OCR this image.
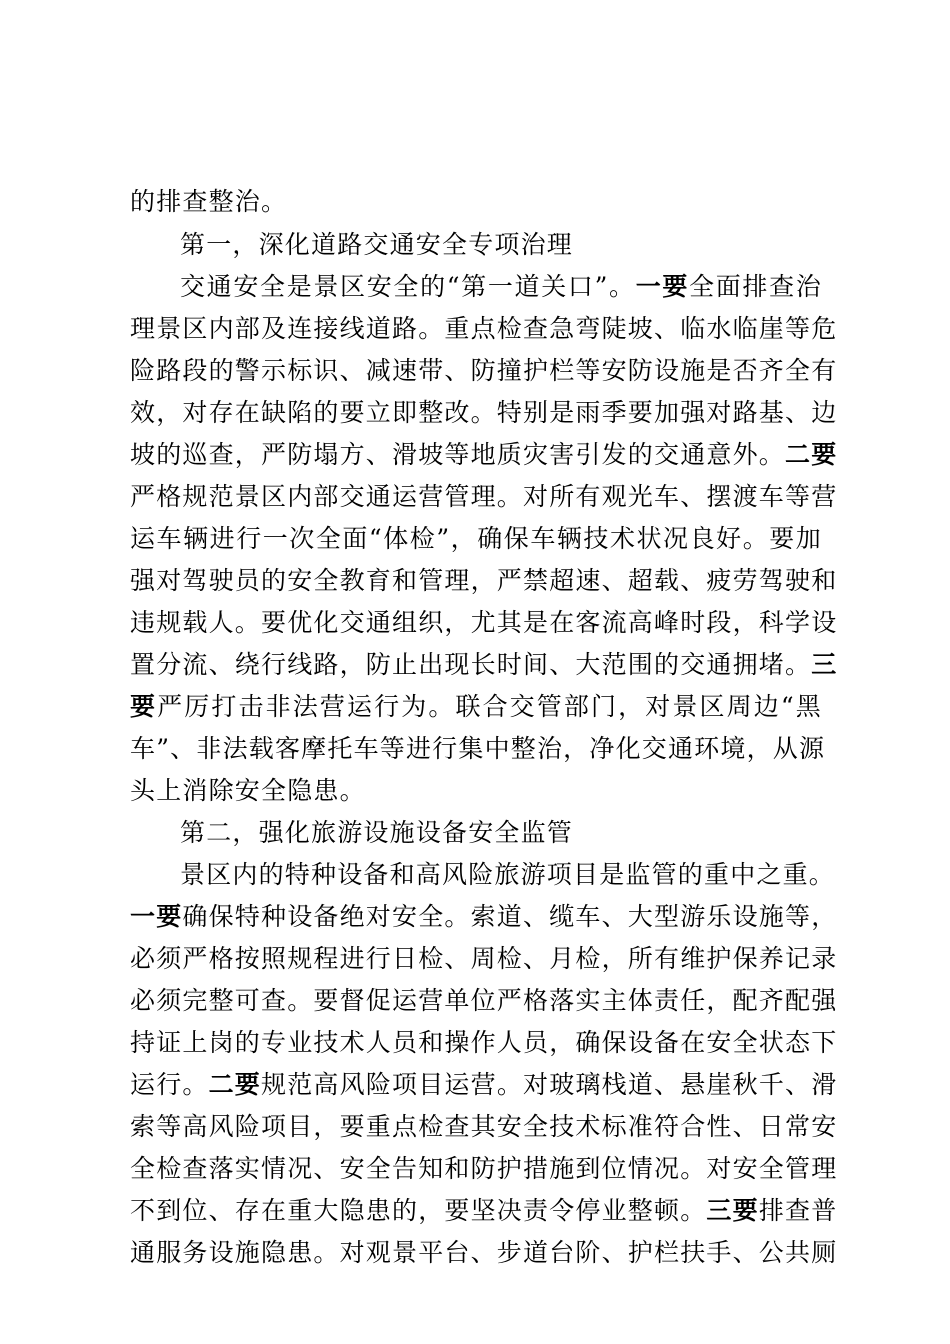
的排查整治。
第一，深化道路交通安全专项治理
交通安全是景区安全的“第一道关口”。一要全面排查治
理景区内部及连接线道路。重点检查急弯陡坡、临水临崖等危
险路段的警示标识、减速带、防撞护栏等安防设施是否齐全有
效，对存在缺陷的要立即整改。特别是雨季要加强对路基、边
坡的巡查，严防塌方、滑坡等地质灾害引发的交通意外。二要
严格规范景区内部交通运营管理。对所有观光车、摆渡车等营
运车辆进行一次全面“体检”，确保车辆技术状况良好。要加
强对驾驶员的安全教育和管理，严禁超速、超载、疲劳驾驶和
违规载人。要优化交通组织，尤其是在客流高峰时段，科学设
置分流、绕行线路，防止出现长时间、大范围的交通拥堵。三
要严厉打击非法营运行为。联合交管部门，对景区周边“黑
车”、非法载客摩托车等进行集中整治，净化交通环境，从源
头上消除安全隐患。
第二，强化旅游设施设备安全监管
景区内的特种设备和高风险旅游项目是监管的重中之重。
一要确保特种设备绝对安全。索道、缆车、大型游乐设施等，
必须严格按照规程进行日检、周检、月检，所有维护保养记录
必须完整可查。要督促运营单位严格落实主体责任，配齐配强
持证上岗的专业技术人员和操作人员，确保设备在安全状态下
运行。二要规范高风险项目运营。对玻璃栈道、悬崖秋千、滑
索等高风险项目，要重点检查其安全技术标准符合性、日常安
全检查落实情况、安全告知和防护措施到位情况。对安全管理
不到位、存在重大隐患的，要坚决责令停业整顿。三要排查普
通服务设施隐患。对观景平台、步道台阶、护栏扶手、公共厕
